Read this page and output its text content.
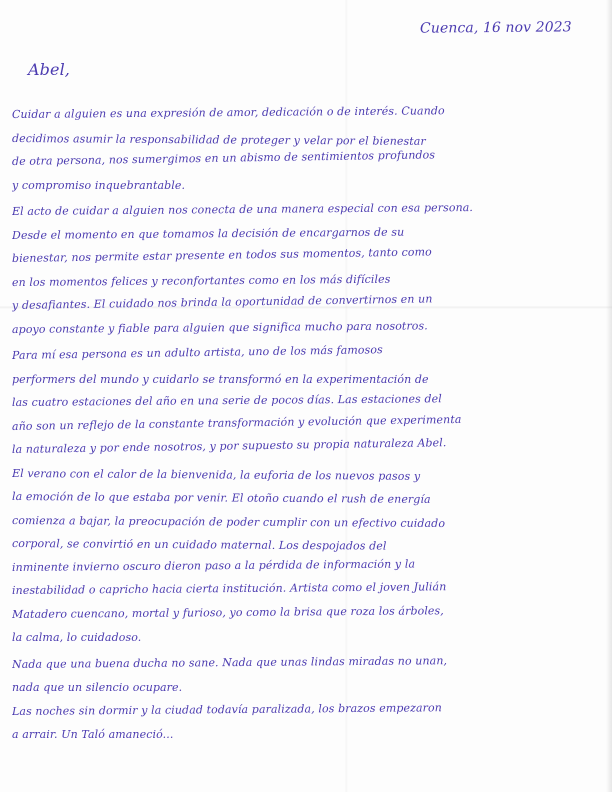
Cuenca, 16 nov 2023
Abel,
Cuidar a alguien es una expresión de amor, dedicación o de interés. Cuando
decidimos asumir la responsabilidad de proteger y velar por el bienestar
de otra persona, nos sumergimos en un abismo de sentimientos profundos
y compromiso inquebrantable.
El acto de cuidar a alguien nos conecta de una manera especial con esa persona.
Desde el momento en que tomamos la decisión de encargarnos de su
bienestar, nos permite estar presente en todos sus momentos, tanto como
en los momentos felices y reconfortantes como en los más difíciles
y desafiantes. El cuidado nos brinda la oportunidad de convertirnos en un
apoyo constante y fiable para alguien que significa mucho para nosotros.
Para mí esa persona es un adulto artista, uno de los más famosos
performers del mundo y cuidarlo se transformó en la experimentación de
las cuatro estaciones del año en una serie de pocos días. Las estaciones del
año son un reflejo de la constante transformación y evolución que experimenta
la naturaleza y por ende nosotros, y por supuesto su propia naturaleza Abel.
El verano con el calor de la bienvenida, la euforia de los nuevos pasos y
la emoción de lo que estaba por venir. El otoño cuando el rush de energía
comienza a bajar, la preocupación de poder cumplir con un efectivo cuidado
corporal, se convirtió en un cuidado maternal. Los despojados del
inminente invierno oscuro dieron paso a la pérdida de información y la
inestabilidad o capricho hacia cierta institución. Artista como el joven Julián
Matadero cuencano, mortal y furioso, yo como la brisa que roza los árboles,
la calma, lo cuidadoso.
Nada que una buena ducha no sane. Nada que unas lindas miradas no unan,
nada que un silencio ocupare.
Las noches sin dormir y la ciudad todavía paralizada, los brazos empezaron
a arrair. Un Taló amaneció...
